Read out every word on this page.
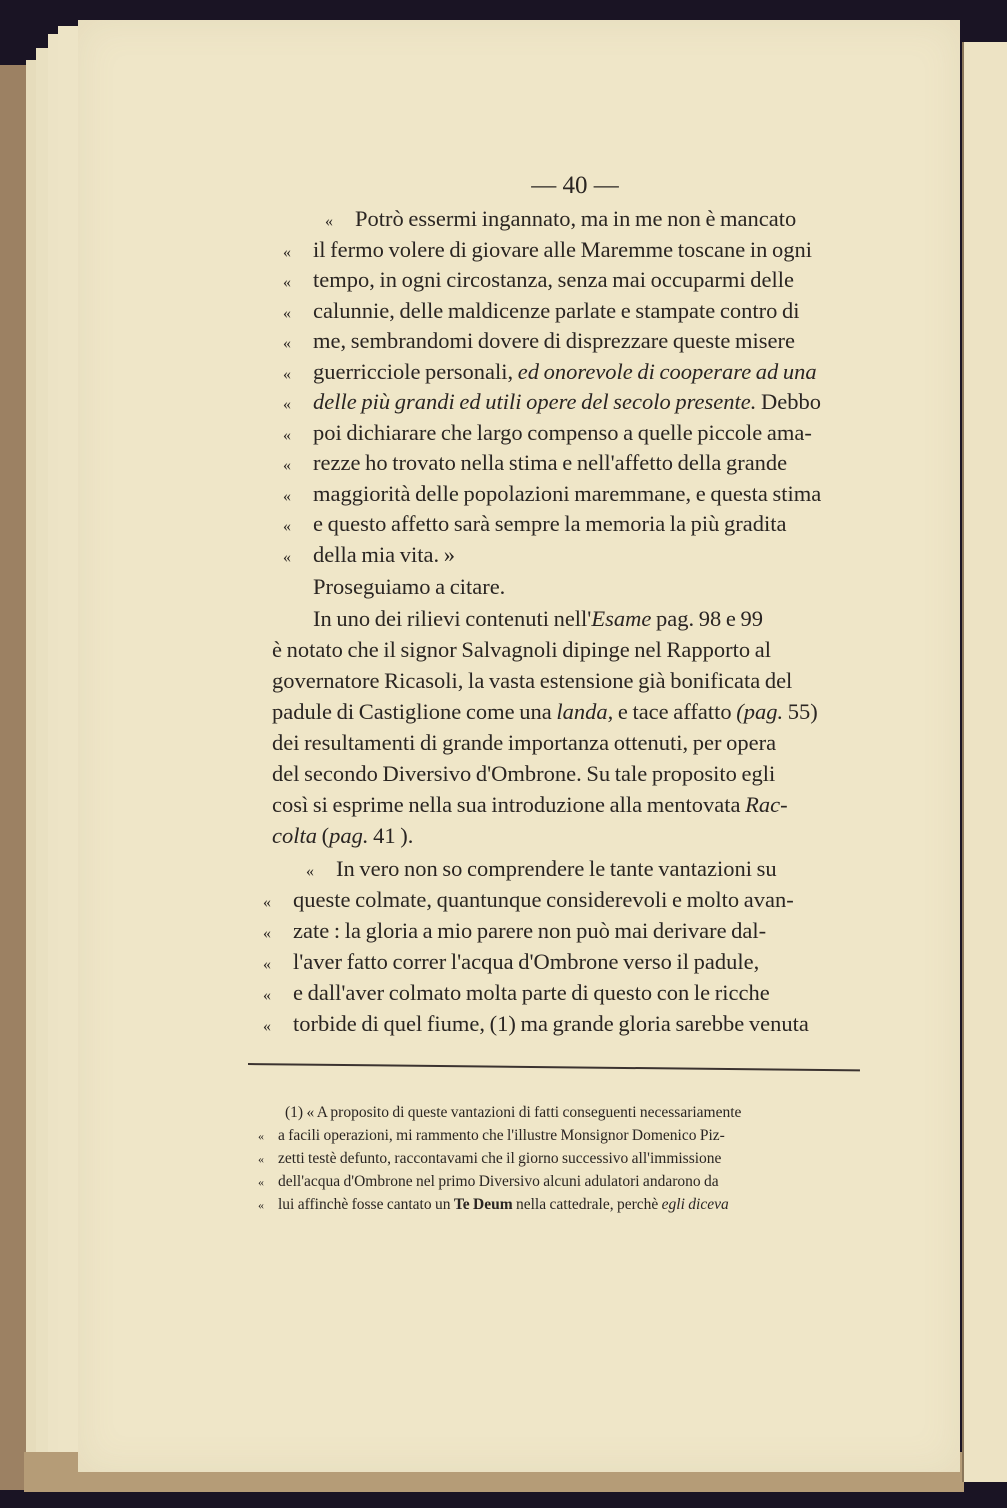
— 40 —
« Potrò essermi ingannato, ma in me non è mancato
« il fermo volere di giovare alle Maremme toscane in ogni
« tempo, in ogni circostanza, senza mai occuparmi delle
« calunnie, delle maldicenze parlate e stampate contro di
« me, sembrandomi dovere di disprezzare queste misere
« guerricciole personali, ed onorevole di cooperare ad una
« delle più grandi ed utili opere del secolo presente. Debbo
« poi dichiarare che largo compenso a quelle piccole ama-
« rezze ho trovato nella stima e nell'affetto della grande
« maggiorità delle popolazioni maremmane, e questa stima
« e questo affetto sarà sempre la memoria la più gradita
« della mia vita. »
Proseguiamo a citare.
In uno dei rilievi contenuti nell'Esame pag. 98 e 99
è notato che il signor Salvagnoli dipinge nel Rapporto al
governatore Ricasoli, la vasta estensione già bonificata del
padule di Castiglione come una landa, e tace affatto (pag. 55)
dei resultamenti di grande importanza ottenuti, per opera
del secondo Diversivo d'Ombrone. Su tale proposito egli
così si esprime nella sua introduzione alla mentovata Rac-
colta (pag. 41 ).
« In vero non so comprendere le tante vantazioni su
« queste colmate, quantunque considerevoli e molto avan-
« zate : la gloria a mio parere non può mai derivare dal-
« l'aver fatto correr l'acqua d'Ombrone verso il padule,
« e dall'aver colmato molta parte di questo con le ricche
« torbide di quel fiume, (1) ma grande gloria sarebbe venuta
(1) « A proposito di queste vantazioni di fatti conseguenti necessariamente
« a facili operazioni, mi rammento che l'illustre Monsignor Domenico Piz-
« zetti testè defunto, raccontavami che il giorno successivo all'immissione
« dell'acqua d'Ombrone nel primo Diversivo alcuni adulatori andarono da
« lui affinchè fosse cantato un Te Deum nella cattedrale, perchè egli diceva
